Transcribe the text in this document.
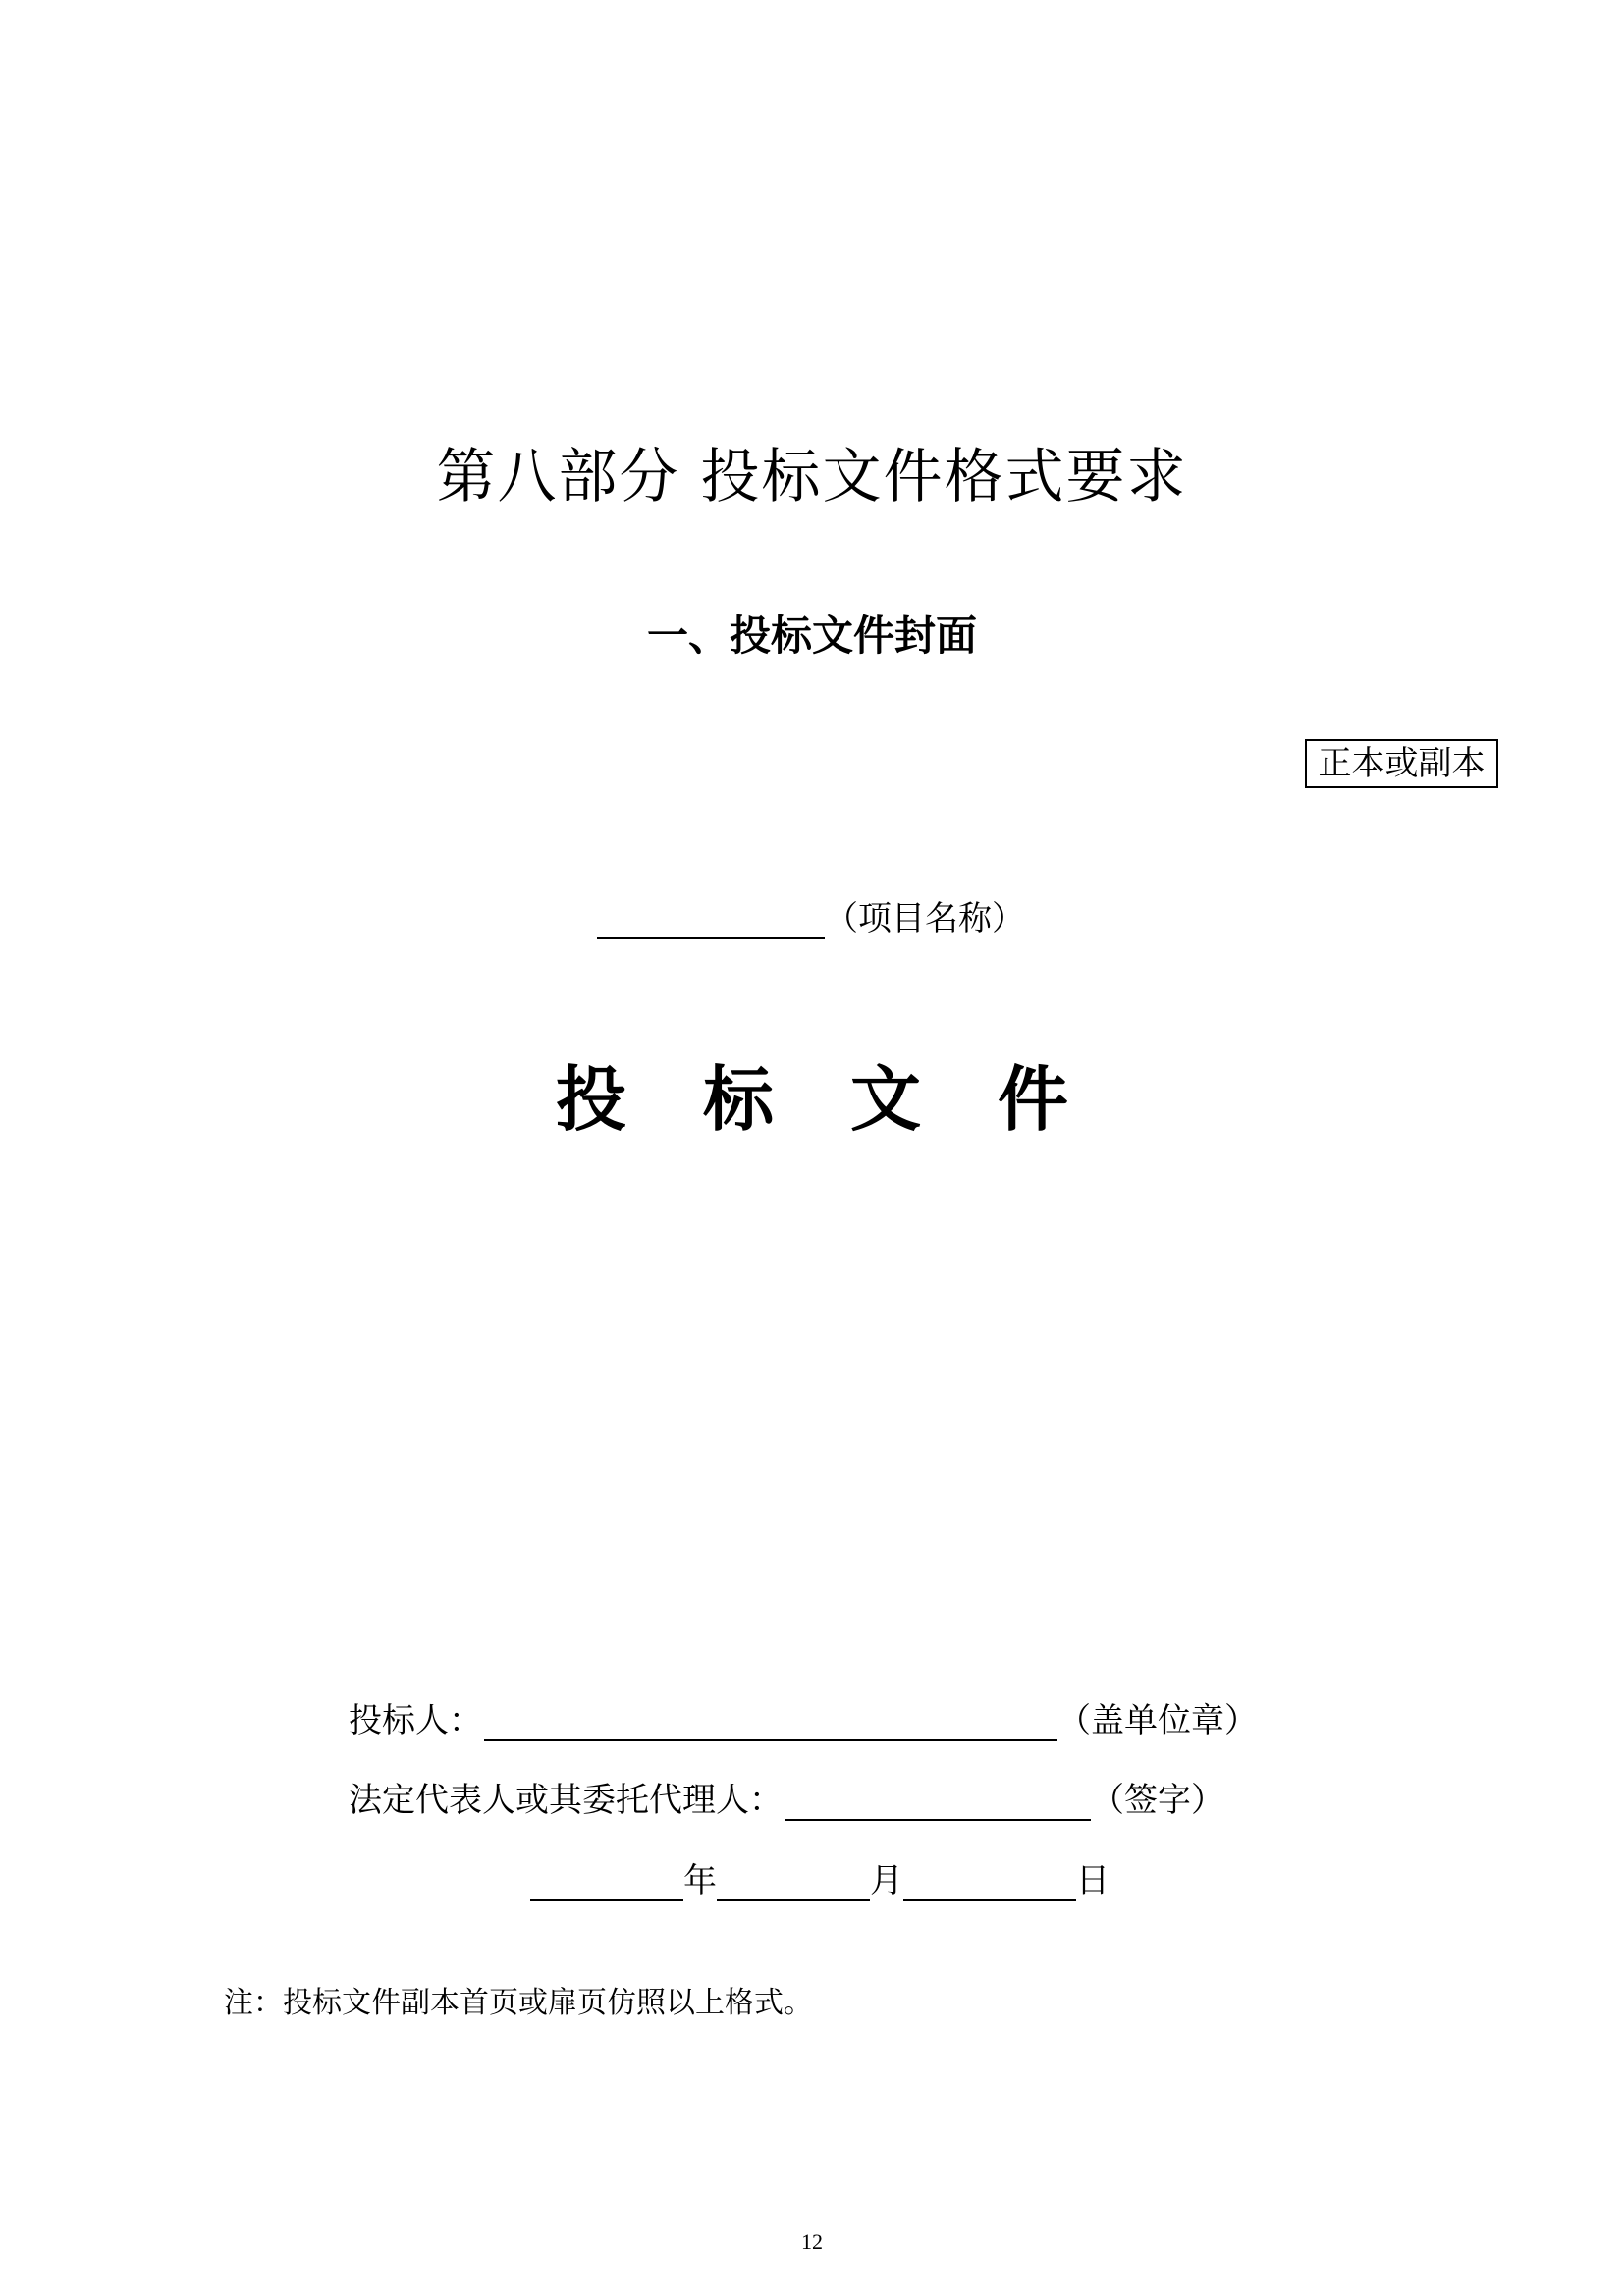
第八部分 投标文件格式要求
一、投标文件封面
正本或副本
（项目名称）
投标文件
投标人：	（盖单位章）
法定代表人或其委托代理人：	（签字）
年	月	日
注：投标文件副本首页或扉页仿照以上格式。
12
